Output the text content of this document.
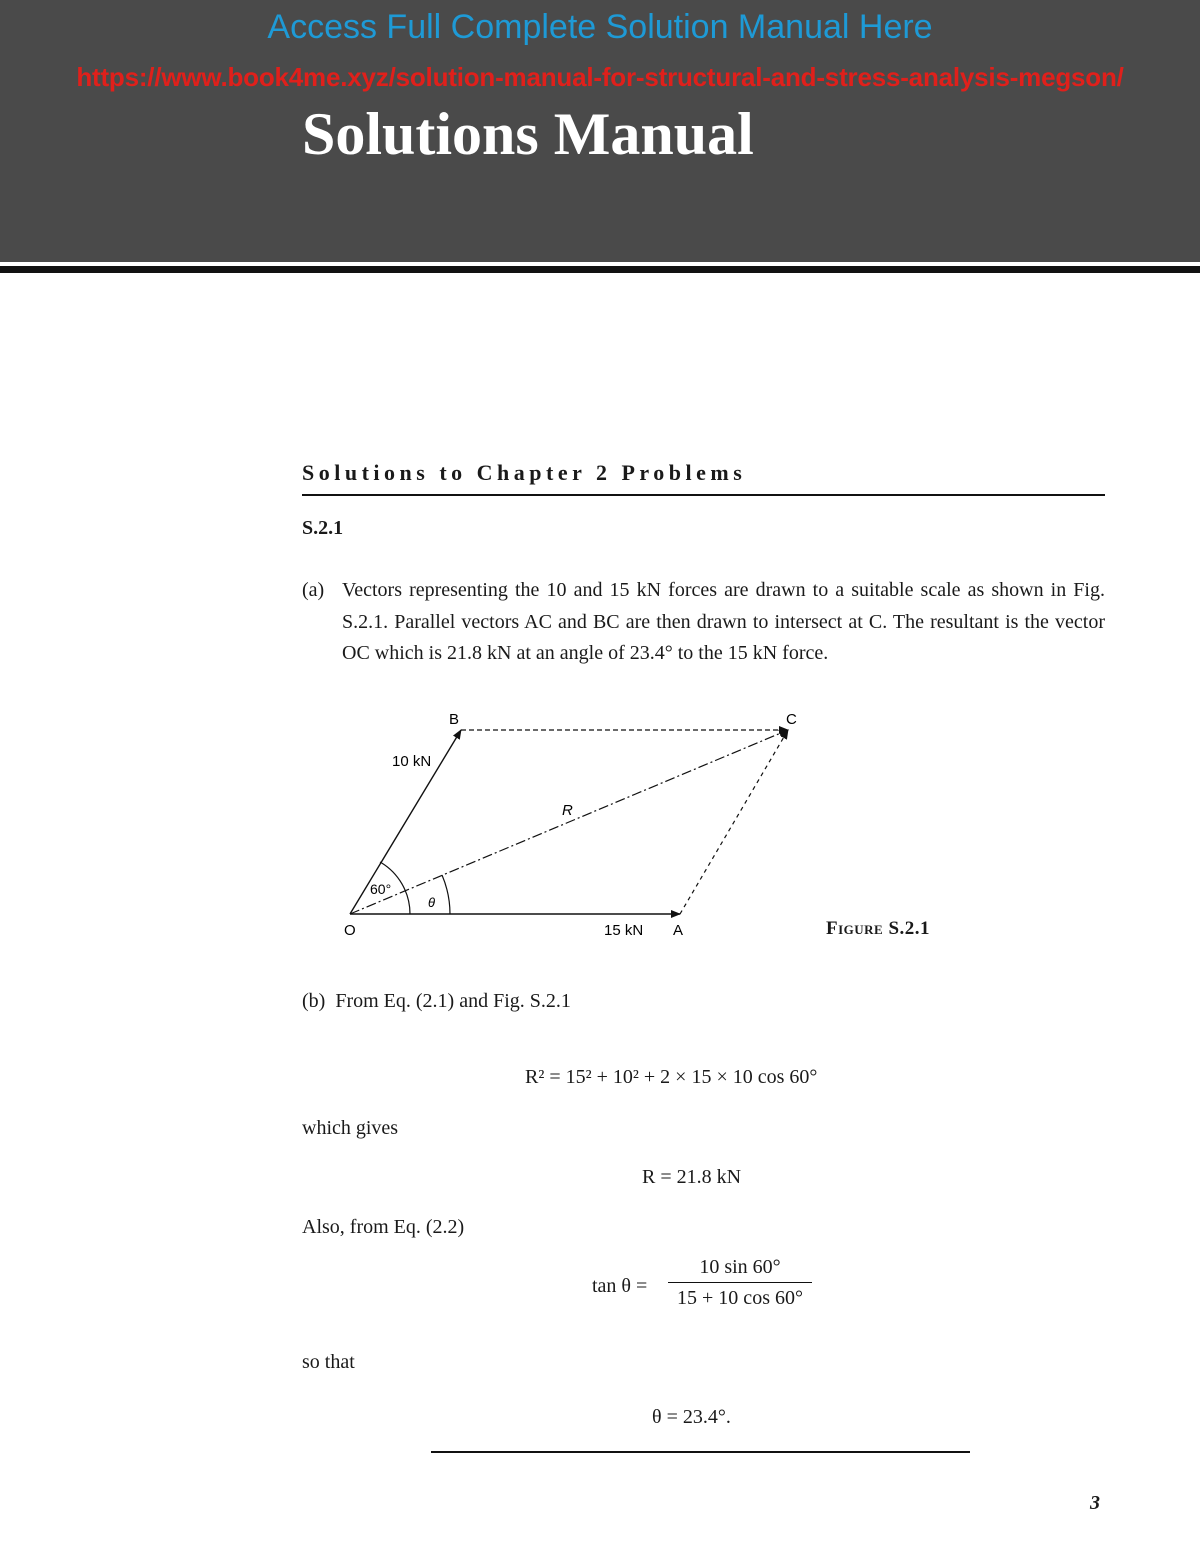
Access Full Complete Solution Manual Here
https://www.book4me.xyz/solution-manual-for-structural-and-stress-analysis-megson/
Solutions Manual
Solutions to Chapter 2 Problems
S.2.1
(a) Vectors representing the 10 and 15 kN forces are drawn to a suitable scale as shown in Fig. S.2.1. Parallel vectors AC and BC are then drawn to intersect at C. The resultant is the vector OC which is 21.8 kN at an angle of 23.4° to the 15 kN force.
O	A
B	C
10 kN
15 kN
R
60°
θ
Figure S.2.1
(b) From Eq. (2.1) and Fig. S.2.1
R² = 15² + 10² + 2 × 15 × 10 cos 60°
which gives
R = 21.8 kN
Also, from Eq. (2.2)
$\tan \theta = \frac{10 \sin 60^\circ}{15 + 10 \cos 60^\circ}$
so that
θ = 23.4°.
3
